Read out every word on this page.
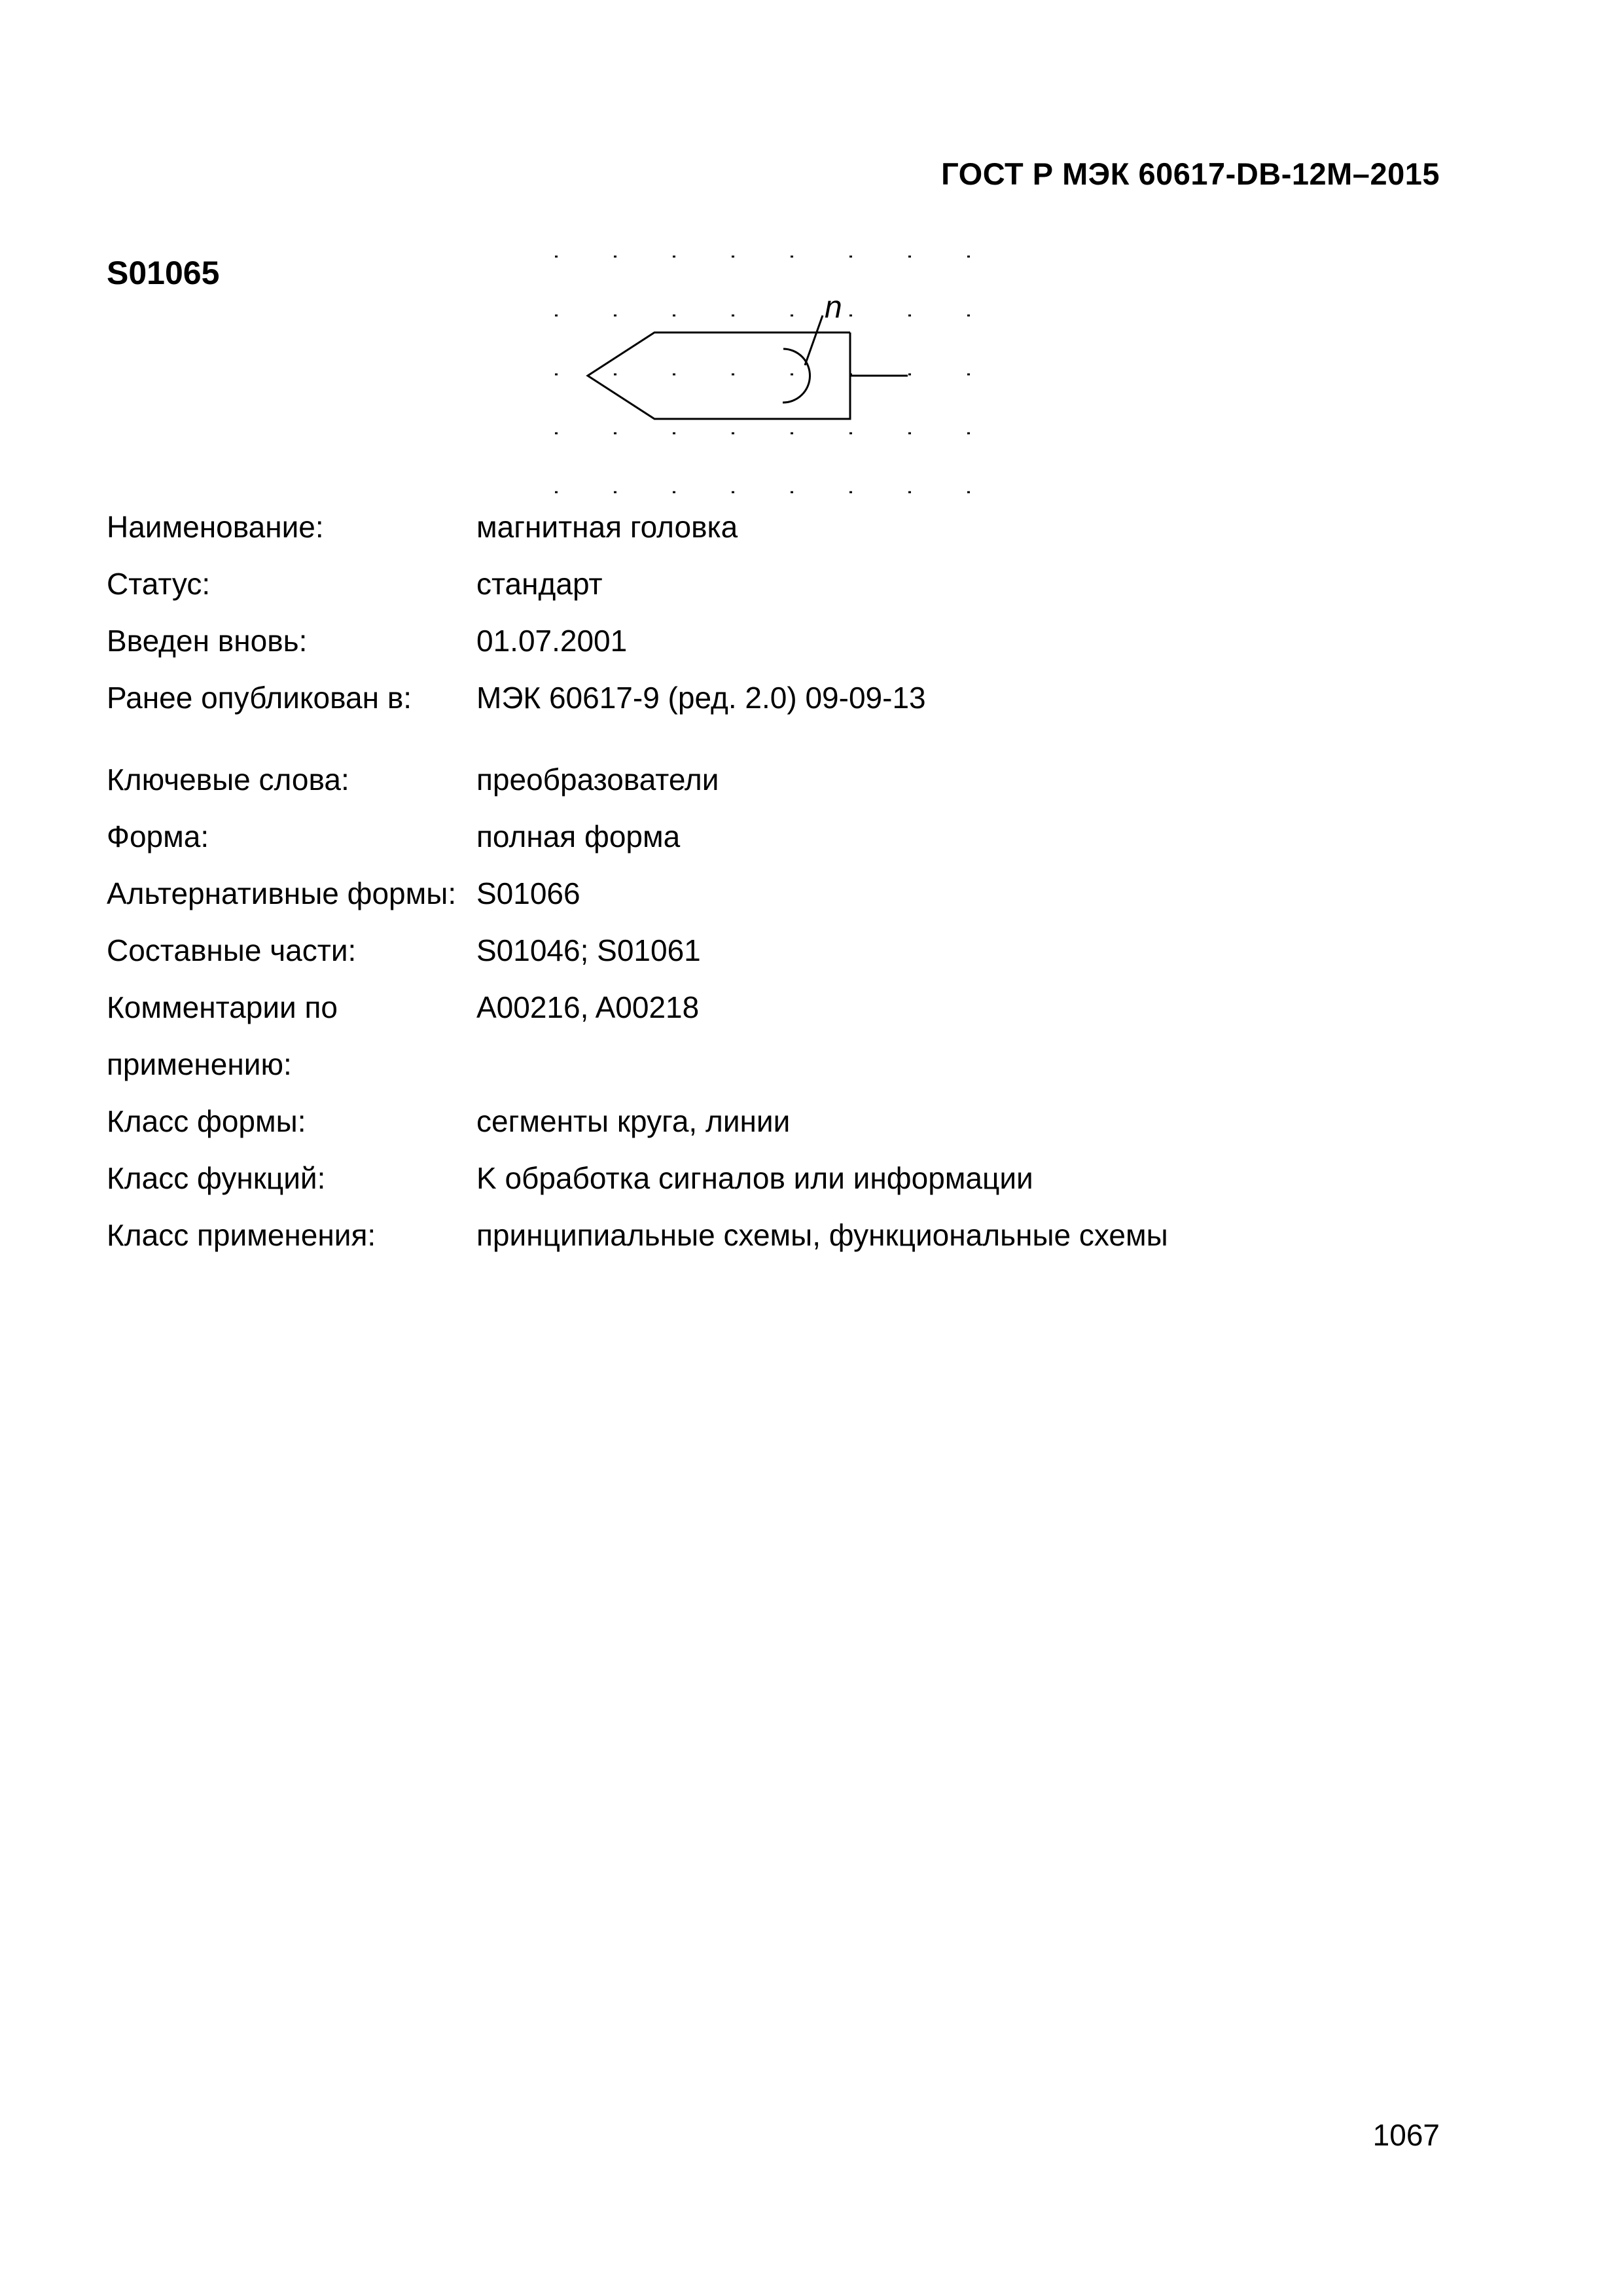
ГОСТ Р МЭК 60617-DB-12M–2015
S01065
n
Наименование:	магнитная головка
Статус:	стандарт
Введен вновь:	01.07.2001
Ранее опубликован в:	МЭК 60617-9 (ред. 2.0) 09-09-13
Ключевые слова:	преобразователи
Форма:	полная форма
Альтернативные формы: S01066
Составные части:	S01046; S01061
Комментарии по применению:
A00216, A00218
Класс формы:	сегменты круга, линии
Класс функций:	K обработка сигналов или информации
Класс применения:	принципиальные схемы, функциональные схемы
1067
